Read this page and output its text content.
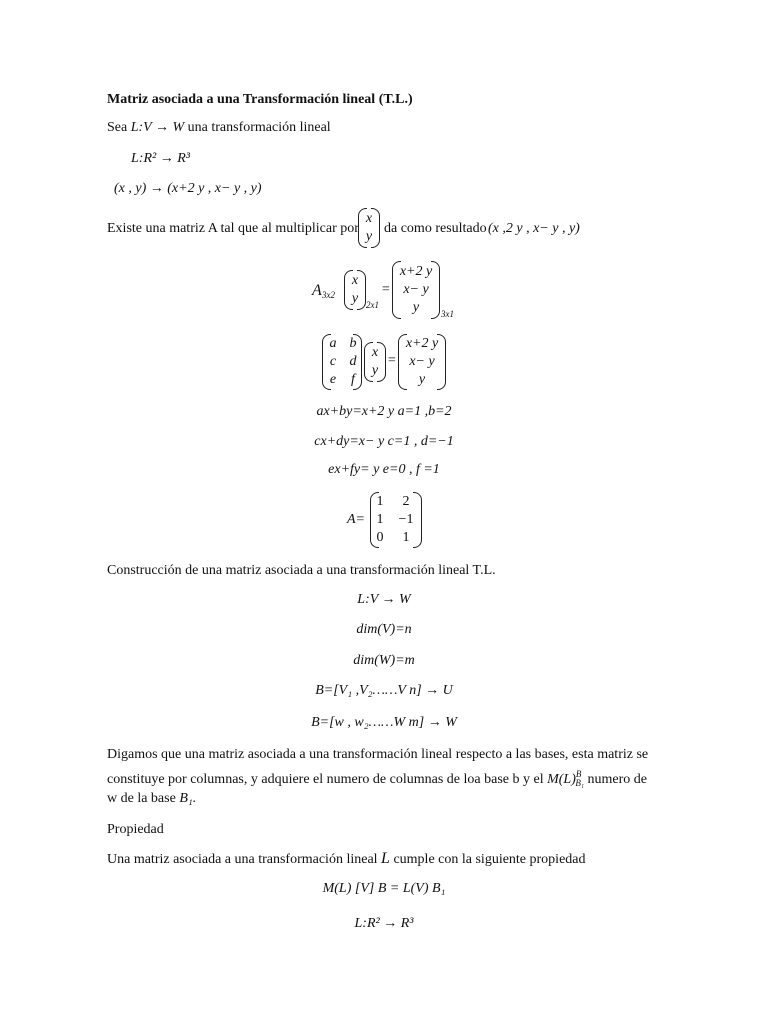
Matriz asociada a una Transformación lineal (T.L.)
Sea L:V → W una transformación lineal
L:R² → R³
(x , y) → (x+2 y , x− y , y)
Existe una matriz A tal que al multiplicar por
x
y
da como resultado (x ,2 y , x− y , y)
A 3x2
x
y 2x1
=
x+2 y
x− y
y	3x1
a b
c d
e	f
x
y
=
x+2 y
x− y
y
ax+by=x+2 y a=1 ,b=2
cx+dy=x− y c=1 , d=−1
ex+fy= y e=0 , f =1
A=
1	2
1	−1
0	1
Construcción de una matriz asociada a una transformación lineal T.L.
L:V → W
dim(V)=n
dim(W)=m
B=[V₁ ,V₂……V n] → U
B=[w , w₂……W m] → W
Digamos que una matriz asociada a una transformación lineal respecto a las bases, esta matriz se
constituye por columnas, y adquiere el numero de columnas de loa base b y el $M(L)^B_{B_1}$ numero de
w de la base B₁.
Propiedad
Una matriz asociada a una transformación lineal L cumple con la siguiente propiedad
M(L) [V] B = L(V) B₁
L:R² → R³
